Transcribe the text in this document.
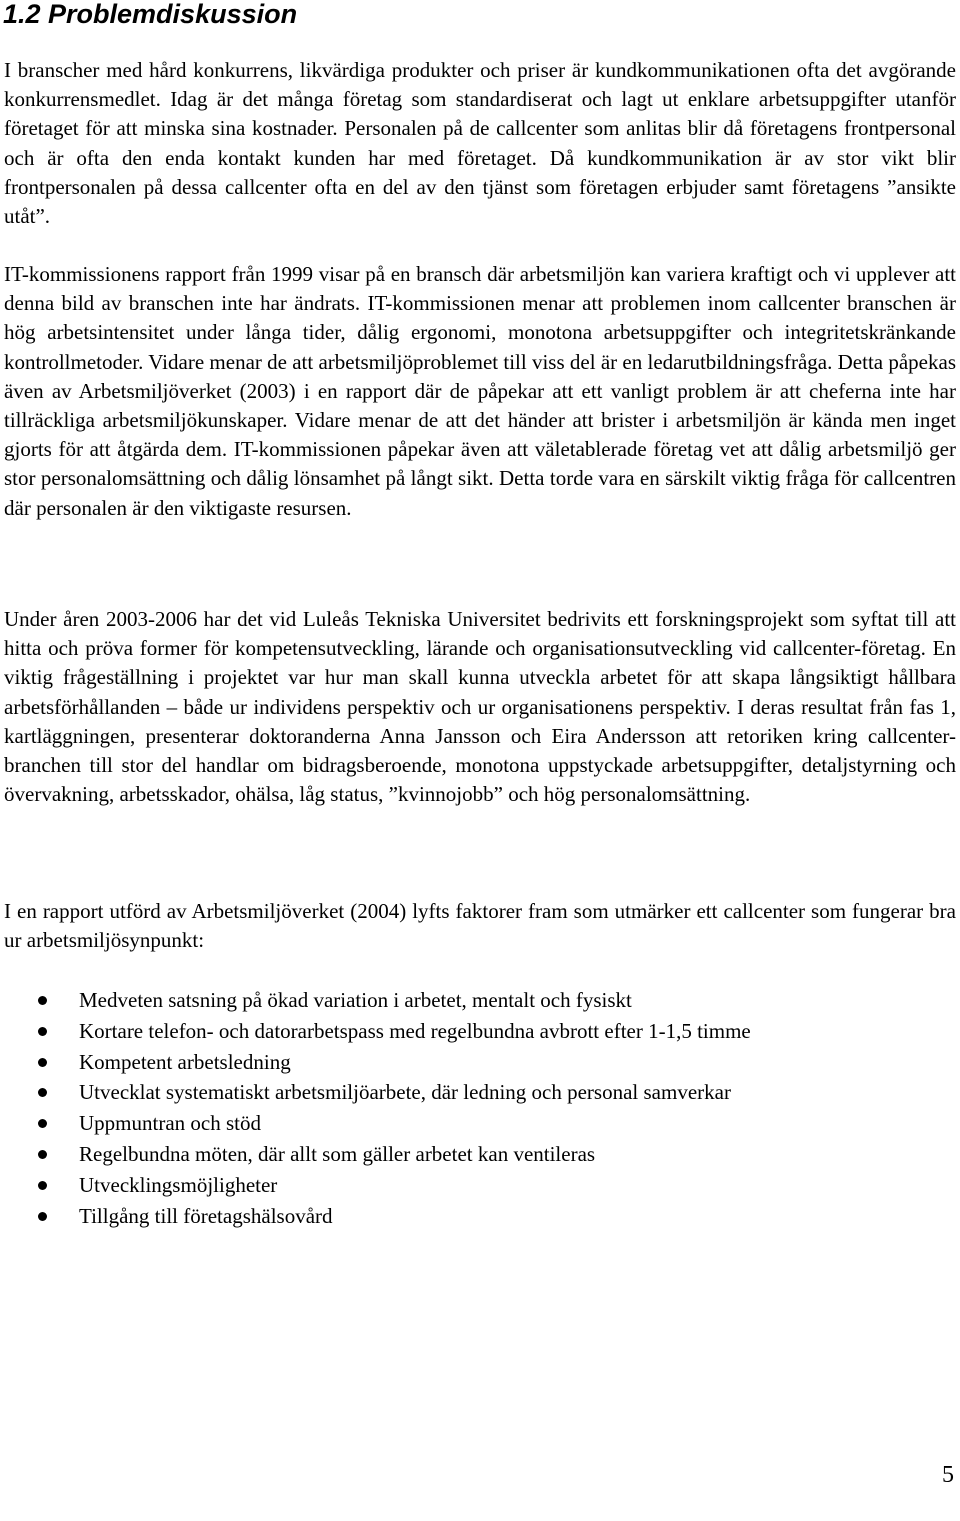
1.2 Problemdiskussion

I branscher med hård konkurrens, likvärdiga produkter och priser är kundkommunikationen ofta det avgörande konkurrensmedlet. Idag är det många företag som standardiserat och lagt ut enklare arbetsuppgifter utanför företaget för att minska sina kostnader. Personalen på de callcenter som anlitas blir då företagens frontpersonal och är ofta den enda kontakt kunden har med företaget. Då kundkommunikation är av stor vikt blir frontpersonalen på dessa callcenter ofta en del av den tjänst som företagen erbjuder samt företagens ”ansikte utåt”.

IT-kommissionens rapport från 1999 visar på en bransch där arbetsmiljön kan variera kraftigt och vi upplever att denna bild av branschen inte har ändrats. IT-kommissionen menar att problemen inom callcenter branschen är hög arbetsintensitet under långa tider, dålig ergonomi, monotona arbetsuppgifter och integritetskränkande kontrollmetoder. Vidare menar de att arbetsmiljöproblemet till viss del är en ledarutbildningsfråga. Detta påpekas även av Arbetsmiljöverket (2003) i en rapport där de påpekar att ett vanligt problem är att cheferna inte har tillräckliga arbetsmiljökunskaper. Vidare menar de att det händer att brister i arbetsmiljön är kända men inget gjorts för att åtgärda dem. IT-kommissionen påpekar även att väletablerade företag vet att dålig arbetsmiljö ger stor personalomsättning och dålig lönsamhet på långt sikt. Detta torde vara en särskilt viktig fråga för callcentren där personalen är den viktigaste resursen.

Under åren 2003-2006 har det vid Luleås Tekniska Universitet bedrivits ett forskningsprojekt som syftat till att hitta och pröva former för kompetensutveckling, lärande och organisationsutveckling vid callcenter-företag. En viktig frågeställning i projektet var hur man skall kunna utveckla arbetet för att skapa långsiktigt hållbara arbetsförhållanden – både ur individens perspektiv och ur organisationens perspektiv. I deras resultat från fas 1, kartläggningen, presenterar doktoranderna Anna Jansson och Eira Andersson att retoriken kring callcenter-branchen till stor del handlar om bidragsberoende, monotona uppstyckade arbetsuppgifter, detaljstyrning och övervakning, arbetsskador, ohälsa, låg status, ”kvinnojobb” och hög personalomsättning.

I en rapport utförd av Arbetsmiljöverket (2004) lyfts faktorer fram som utmärker ett callcenter som fungerar bra ur arbetsmiljösynpunkt:

Medveten satsning på ökad variation i arbetet, mentalt och fysiskt
Kortare telefon- och datorarbetspass med regelbundna avbrott efter 1-1,5 timme
Kompetent arbetsledning
Utvecklat systematiskt arbetsmiljöarbete, där ledning och personal samverkar
Uppmuntran och stöd
Regelbundna möten, där allt som gäller arbetet kan ventileras
Utvecklingsmöjligheter
Tillgång till företagshälsovård
5
